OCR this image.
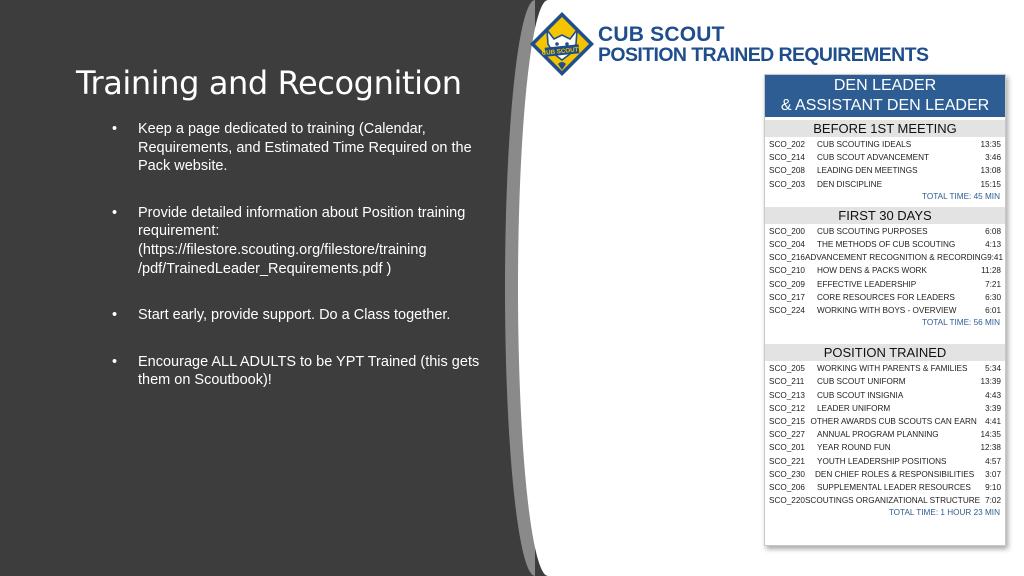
Training and Recognition
• Keep a page dedicated to training (Calendar, Requirements, and Estimated Time Required on the Pack website.
• Provide detailed information about Position training requirement: (https://filestore.scouting.org/filestore/training /pdf/TrainedLeader_Requirements.pdf )
• Start early, provide support. Do a Class together.
• Encourage ALL ADULTS to be YPT Trained (this gets them on Scoutbook)!
CUB SCOUTS
CUB SCOUT
POSITION TRAINED REQUIREMENTS
DEN LEADER
& ASSISTANT DEN LEADER
BEFORE 1ST MEETING
SCO_202	CUB SCOUTING IDEALS	13:35
SCO_214	CUB SCOUT ADVANCEMENT	3:46
SCO_208	LEADING DEN MEETINGS	13:08
SCO_203	DEN DISCIPLINE	15:15
TOTAL TIME: 45 MIN
FIRST 30 DAYS
SCO_200	CUB SCOUTING PURPOSES	6:08
SCO_204	THE METHODS OF CUB SCOUTING	4:13
SCO_216 ADVANCEMENT RECOGNITION & RECORDING 9:41
SCO_210	HOW DENS & PACKS WORK	11:28
SCO_209	EFFECTIVE LEADERSHIP	7:21
SCO_217	CORE RESOURCES FOR LEADERS	6:30
SCO_224	WORKING WITH BOYS - OVERVIEW	6:01
TOTAL TIME: 56 MIN
POSITION TRAINED
SCO_205	WORKING WITH PARENTS & FAMILIES	5:34
SCO_211	CUB SCOUT UNIFORM	13:39
SCO_213	CUB SCOUT INSIGNIA	4:43
SCO_212	LEADER UNIFORM	3:39
SCO_215 OTHER AWARDS CUB SCOUTS CAN EARN	4:41
SCO_227	ANNUAL PROGRAM PLANNING	14:35
SCO_201	YEAR ROUND FUN	12:38
SCO_221	YOUTH LEADERSHIP POSITIONS	4:57
SCO_230	DEN CHIEF ROLES & RESPONSIBILITIES	3:07
SCO_206	SUPPLEMENTAL LEADER RESOURCES	9:10
SCO_220 SCOUTINGS ORGANIZATIONAL STRUCTURE 7:02
TOTAL TIME: 1 HOUR 23 MIN
